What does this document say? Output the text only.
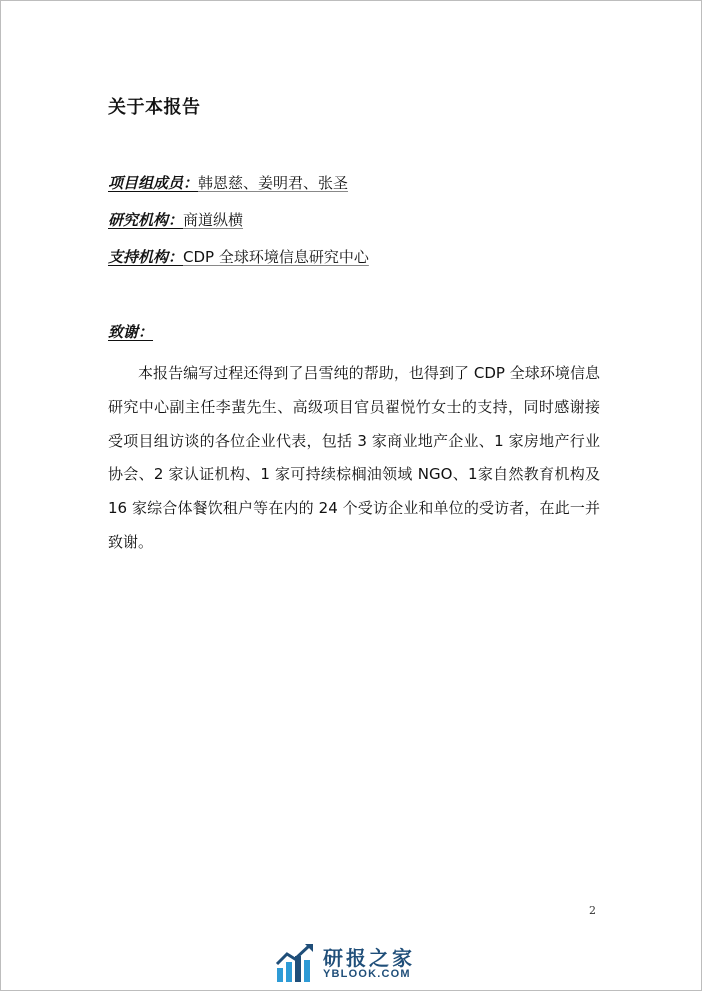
关于本报告
项目组成员：韩恩慈、姜明君、张圣
研究机构：商道纵横
支持机构：CDP 全球环境信息研究中心
致谢：

本报告编写过程还得到了吕雪纯的帮助，也得到了 CDP 全球环境信息研究中心副主任李蜚先生、高级项目官员翟悦竹女士的支持，同时感谢接受项目组访谈的各位企业代表，包括 3 家商业地产企业、1 家房地产行业协会、2 家认证机构、1 家可持续棕榈油领域 NGO、1家自然教育机构及 16 家综合体餐饮租户等在内的 24 个受访企业和单位的受访者，在此一并致谢。

2
研报之家
YBLOOK.COM
